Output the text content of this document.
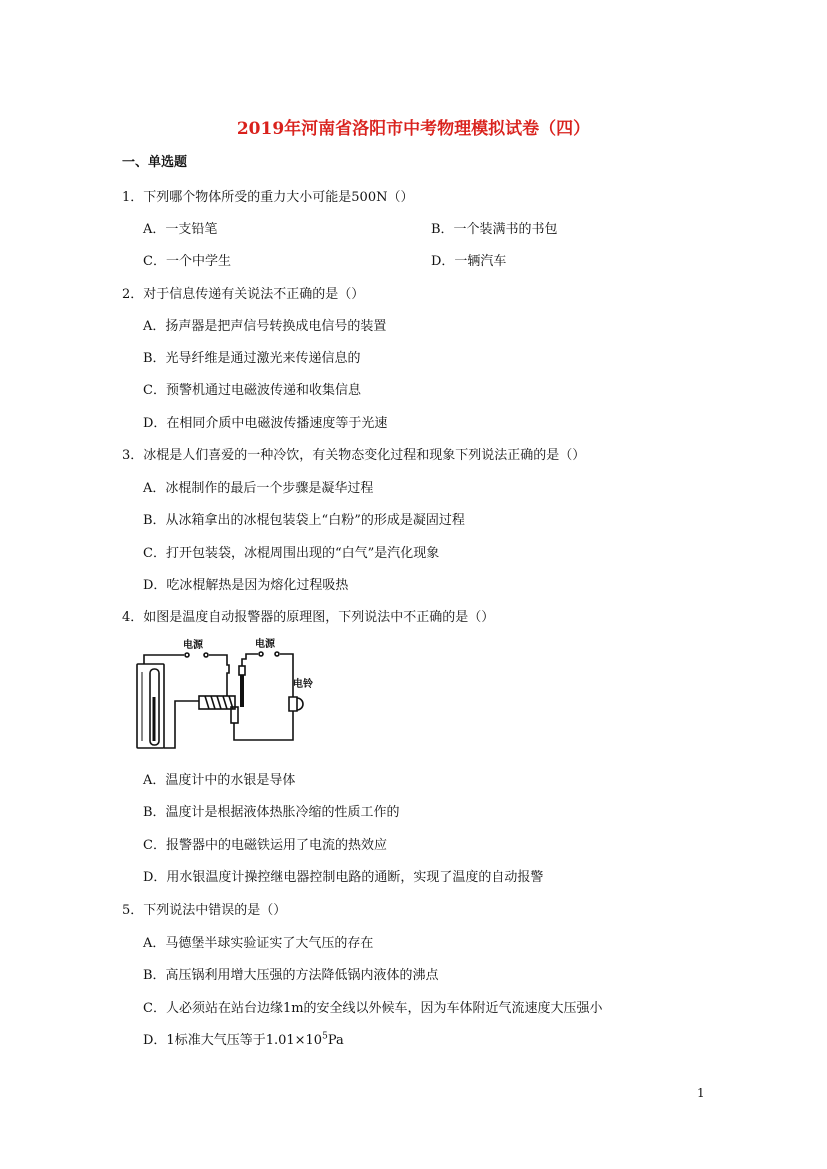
2019年河南省洛阳市中考物理模拟试卷（四）
一、单选题
1．下列哪个物体所受的重力大小可能是500N（）
A．一支铅笔	B．一个装满书的书包
C．一个中学生	D．一辆汽车
2．对于信息传递有关说法不正确的是（）
A．扬声器是把声信号转换成电信号的装置
B．光导纤维是通过激光来传递信息的
C．预警机通过电磁波传递和收集信息
D．在相同介质中电磁波传播速度等于光速
3．冰棍是人们喜爱的一种冷饮，有关物态变化过程和现象下列说法正确的是（）
A．冰棍制作的最后一个步骤是凝华过程
B．从冰箱拿出的冰棍包装袋上“白粉”的形成是凝固过程
C．打开包装袋，冰棍周围出现的“白气”是汽化现象
D．吃冰棍解热是因为熔化过程吸热
4．如图是温度自动报警器的原理图，下列说法中不正确的是（）
电源	电源
电铃
A．温度计中的水银是导体
B．温度计是根据液体热胀冷缩的性质工作的
C．报警器中的电磁铁运用了电流的热效应
D．用水银温度计操控继电器控制电路的通断，实现了温度的自动报警
5．下列说法中错误的是（）
A．马德堡半球实验证实了大气压的存在
B．高压锅利用增大压强的方法降低锅内液体的沸点
C．人必须站在站台边缘1m的安全线以外候车，因为车体附近气流速度大压强小
D．1标准大气压等于$1.01\times 10^5Pa$
1
